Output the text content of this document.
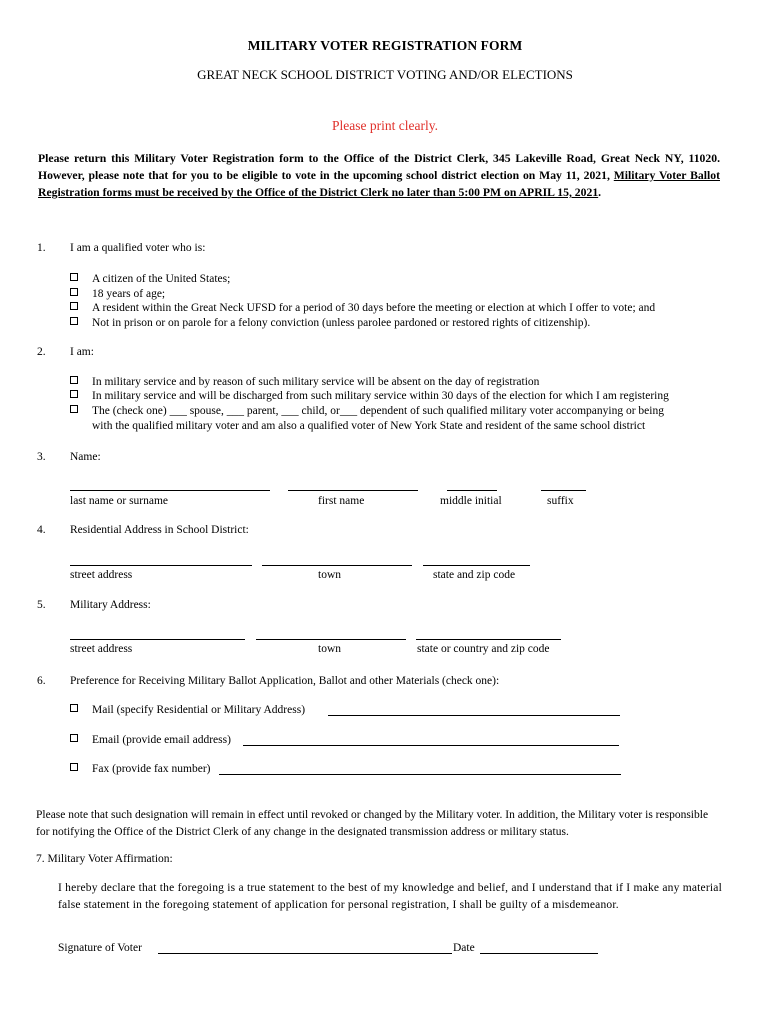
MILITARY VOTER REGISTRATION FORM
GREAT NECK SCHOOL DISTRICT VOTING AND/OR ELECTIONS
Please print clearly.
Please return this Military Voter Registration form to the Office of the District Clerk, 345 Lakeville Road, Great Neck NY, 11020. However, please note that for you to be eligible to vote in the upcoming school district election on May 11, 2021, Military Voter Ballot Registration forms must be received by the Office of the District Clerk no later than 5:00 PM on APRIL 15, 2021.
1. I am a qualified voter who is:
A citizen of the United States;
18 years of age;
A resident within the Great Neck UFSD for a period of 30 days before the meeting or election at which I offer to vote; and
Not in prison or on parole for a felony conviction (unless parolee pardoned or restored rights of citizenship).
2. I am:
In military service and by reason of such military service will be absent on the day of registration
In military service and will be discharged from such military service within 30 days of the election for which I am registering
The (check one) ___ spouse, ___ parent, ___ child, or___ dependent of such qualified military voter accompanying or being
with the qualified military voter and am also a qualified voter of New York State and resident of the same school district
3. Name:
last name or surname	first name	middle initial	suffix
4. Residential Address in School District:
street address	town	state and zip code
5. Military Address:
street address	town	state or country and zip code
6. Preference for Receiving Military Ballot Application, Ballot and other Materials (check one):
Mail (specify Residential or Military Address)
Email (provide email address)
Fax (provide fax number)
Please note that such designation will remain in effect until revoked or changed by the Military voter. In addition, the Military voter is responsible for notifying the Office of the District Clerk of any change in the designated transmission address or military status.
7. Military Voter Affirmation:
I hereby declare that the foregoing is a true statement to the best of my knowledge and belief, and I understand that if I make any material false statement in the foregoing statement of application for personal registration, I shall be guilty of a misdemeanor.
Signature of Voter	Date
